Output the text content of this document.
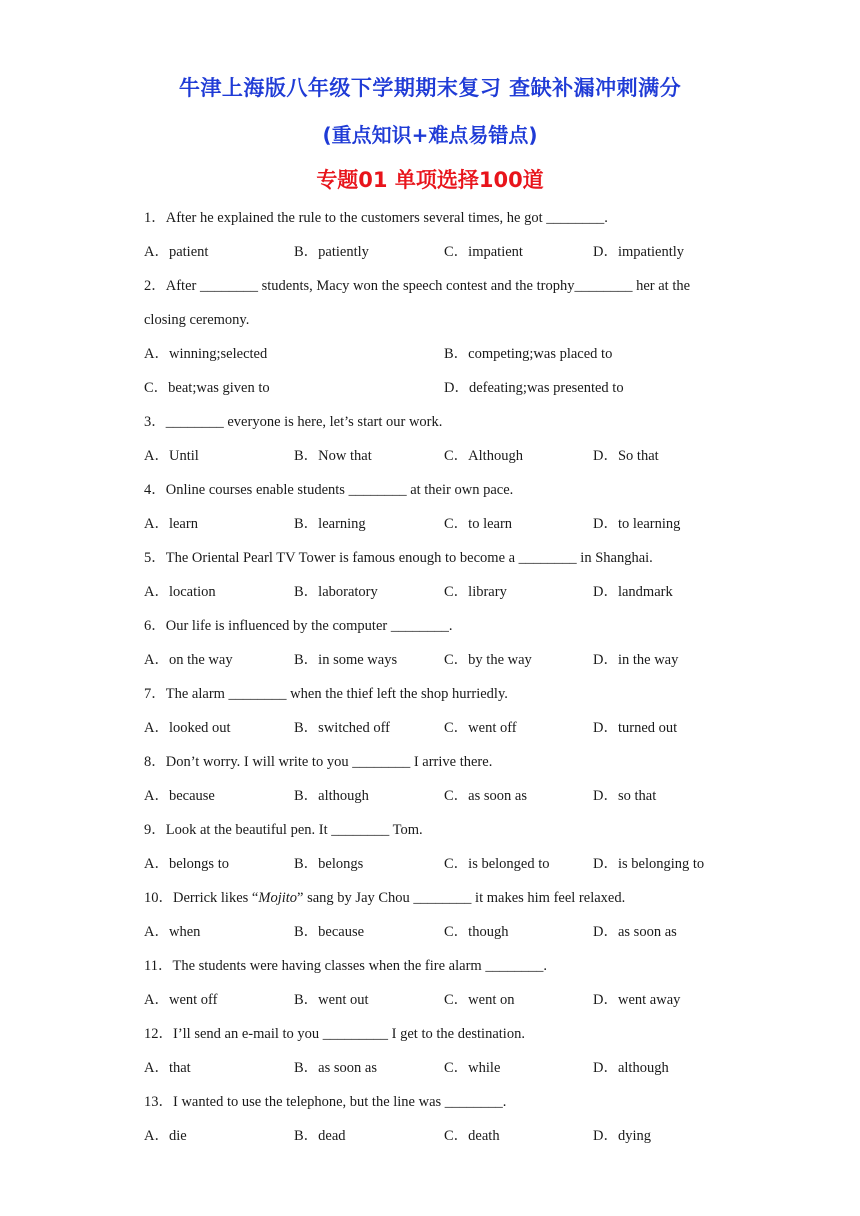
牛津上海版八年级下学期期末复习 查缺补漏冲刺满分
(重点知识+难点易错点)
专题01 单项选择100道
1．After he explained the rule to the customers several times, he got ________.
A．patient	B．patiently	C．impatient	D．impatiently
2．After ________ students, Macy won the speech contest and the trophy________ her at the
closing ceremony.
A．winning;selected	B．competing;was placed to
C．beat;was given to	D．defeating;was presented to
3．________ everyone is here, let’s start our work.
A．Until	B．Now that	C．Although	D．So that
4．Online courses enable students ________ at their own pace.
A．learn	B．learning	C．to learn	D．to learning
5．The Oriental Pearl TV Tower is famous enough to become a ________ in Shanghai.
A．location	B．laboratory	C．library	D．landmark
6．Our life is influenced by the computer ________.
A．on the way	B．in some ways	C．by the way	D．in the way
7．The alarm ________ when the thief left the shop hurriedly.
A．looked out	B．switched off	C．went off	D．turned out
8．Don’t worry. I will write to you ________ I arrive there.
A．because	B．although	C．as soon as	D．so that
9．Look at the beautiful pen. It ________ Tom.
A．belongs to	B．belongs	C．is belonged to	D．is belonging to
10．Derrick likes “Mojito” sang by Jay Chou ________ it makes him feel relaxed.
A．when	B．because	C．though	D．as soon as
11．The students were having classes when the fire alarm ________.
A．went off	B．went out	C．went on	D．went away
12．I’ll send an e-mail to you _________ I get to the destination.
A．that	B．as soon as	C．while	D．although
13．I wanted to use the telephone, but the line was ________.
A．die	B．dead	C．death	D．dying
